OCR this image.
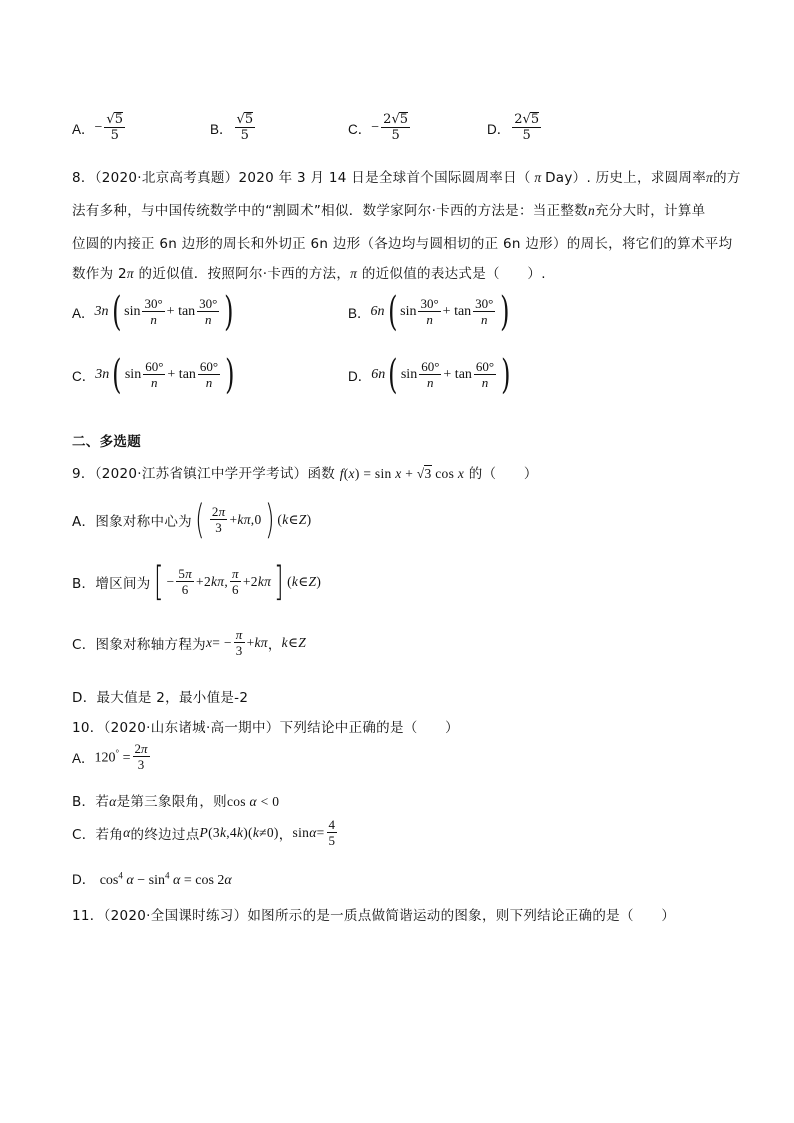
A． − $\frac{√5}{5}$	B． $\frac{√5}{5}$	C． − $\frac{2√5}{5}$	D． $\frac{2√5}{5}$
8．（2020·北京高考真题）2020 年 3 月 14 日是全球首个国际圆周率日（ π Day）. 历史上，求圆周率π的方
法有多种，与中国传统数学中的“割圆术”相似．数学家阿尔·卡西的方法是：当正整数n充分大时，计算单
位圆的内接正 6n 边形的周长和外切正 6n 边形（各边均与圆相切的正 6n 边形）的周长，将它们的算术平均
数作为 2π 的近似值．按照阿尔·卡西的方法，π 的近似值的表达式是（　　）.
A． 3n ( $\sin \frac{30^\circ}{n} + \tan \frac{30^\circ}{n}$ )	B． 6n ( $\sin \frac{30^\circ}{n} + \tan \frac{30^\circ}{n}$ )
C． 3n ( $\sin \frac{60^\circ}{n} + \tan \frac{60^\circ}{n}$ )	D． 6n ( $\sin \frac{60^\circ}{n} + \tan \frac{60^\circ}{n}$ )
二、多选题
9．（2020·江苏省镇江中学开学考试）函数 f(x) = sin x + √3 cos x 的（　　）
A．图象对称中心为 ( $\frac{2\pi}{3} + k\pi$ ,0 ) ( k ∈ Z )
B．增区间为 [ − $\frac{5\pi}{6} +2$ kπ , $\frac{\pi}{6} +2$ kπ ] ( k ∈ Z )
C．图象对称轴方程为 x = − $\frac{\pi}{3} + k\pi$ ， k ∈ Z
D．最大值是 2，最小值是-2
10．（2020·山东诸城·高一期中）下列结论中正确的是（　　）
A． $120^\circ = \frac{2\pi}{3}$
B．若α是第三象限角，则cos α < 0
C．若角 α 的终边过点 P (3 k ,4 k )( k ≠0) ， $\sin \alpha = \frac{4}{5}$
D． $\cos^4 \alpha - \sin^4 \alpha = \cos 2\alpha$
11．（2020·全国课时练习）如图所示的是一质点做简谐运动的图象，则下列结论正确的是（　　）
